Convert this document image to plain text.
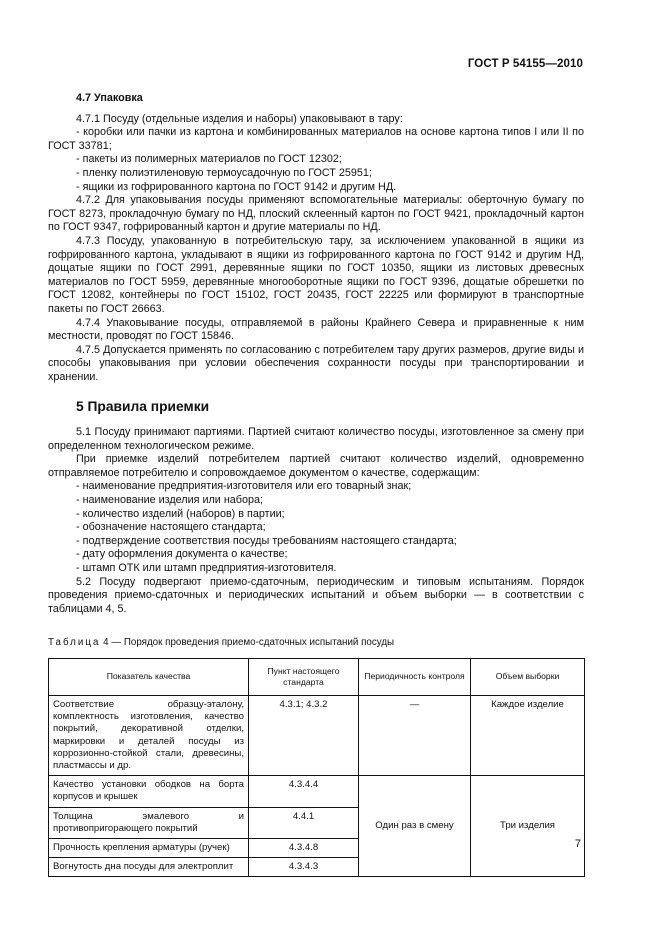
ГОСТ Р 54155—2010

4.7 Упаковка

4.7.1 Посуду (отдельные изделия и наборы) упаковывают в тару:

- коробки или пачки из картона и комбинированных материалов на основе картона типов I или II по ГОСТ 33781;

- пакеты из полимерных материалов по ГОСТ 12302;

- пленку полиэтиленовую термоусадочную по ГОСТ 25951;

- ящики из гофрированного картона по ГОСТ 9142 и другим НД.

4.7.2 Для упаковывания посуды применяют вспомогательные материалы: оберточную бумагу по ГОСТ 8273, прокладочную бумагу по НД, плоский склеенный картон по ГОСТ 9421, прокладочный картон по ГОСТ 9347, гофрированный картон и другие материалы по НД.

4.7.3 Посуду, упакованную в потребительскую тару, за исключением упакованной в ящики из гофрированного картона, укладывают в ящики из гофрированного картона по ГОСТ 9142 и другим НД, дощатые ящики по ГОСТ 2991, деревянные ящики по ГОСТ 10350, ящики из листовых древесных материалов по ГОСТ 5959, деревянные многооборотные ящики по ГОСТ 9396, дощатые обрешетки по ГОСТ 12082, контейнеры по ГОСТ 15102, ГОСТ 20435, ГОСТ 22225 или формируют в транспортные пакеты по ГОСТ 26663.

4.7.4 Упаковывание посуды, отправляемой в районы Крайнего Севера и приравненные к ним местности, проводят по ГОСТ 15846.

4.7.5 Допускается применять по согласованию с потребителем тару других размеров, другие виды и способы упаковывания при условии обеспечения сохранности посуды при транспортировании и хранении.

5 Правила приемки

5.1 Посуду принимают партиями. Партией считают количество посуды, изготовленное за смену при определенном технологическом режиме.

При приемке изделий потребителем партией считают количество изделий, одновременно отправляемое потребителю и сопровождаемое документом о качестве, содержащим:

- наименование предприятия-изготовителя или его товарный знак;

- наименование изделия или набора;

- количество изделий (наборов) в партии;

- обозначение настоящего стандарта;

- подтверждение соответствия посуды требованиям настоящего стандарта;

- дату оформления документа о качестве;

- штамп ОТК или штамп предприятия-изготовителя.

5.2 Посуду подвергают приемо-сдаточным, периодическим и типовым испытаниям. Порядок проведения приемо-сдаточных и периодических испытаний и объем выборки — в соответствии с таблицами 4, 5.

Таблица 4 — Порядок проведения приемо-сдаточных испытаний посуды

Показатель качества	Пункт настоящего стандарта	Периодичность контроля	Объем выборки
Соответствие образцу-эталону, комплектность изготовления, качество покрытий, декоративной отделки, маркировки и деталей посуды из коррозионно-стойкой стали, древесины, пластмассы и др.	4.3.1; 4.3.2	—	Каждое изделие
Качество установки ободков на борта корпусов и крышек	4.3.4.4	Один раз в смену	Три изделия
Толщина эмалевого и противопригорающего покрытий	4.4.1		
Прочность крепления арматуры (ручек)	4.3.4.8		
Вогнутость дна посуды для электроплит	4.3.4.3		
7
